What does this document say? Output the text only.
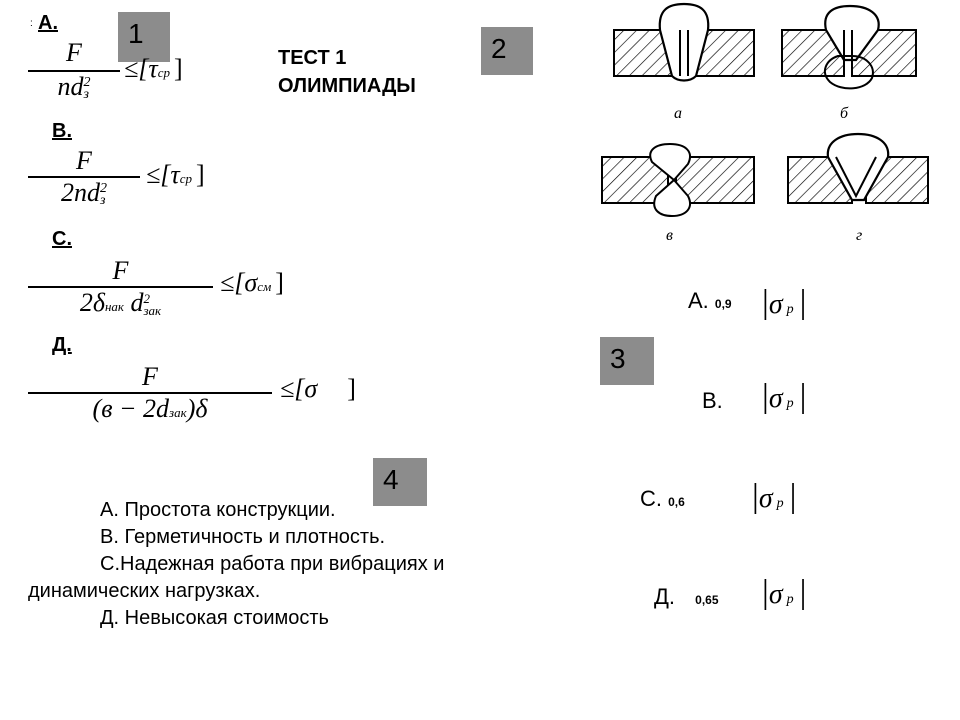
1	2
3
4
ТЕСТ 1
ОЛИМПИАДЫ
: А.
F
nd 2
з
≤[τср ]
В.
F
2nd 2
з
≤[τср ]
С.
F
2δнак d 2
зак
≤[σсм ]
Д.
F
(в − 2dзак)δ
≤[σ ]
а	б
в	г
А. 0,9 |σ р |
В. |σ р |
С. 0,6 |σ р |
Д. 0,65 |σ р |
А. Простота конструкции.
В. Герметичность и плотность.
С.Надежная работа при вибрациях и
динамических нагрузках.
Д. Невысокая стоимость
